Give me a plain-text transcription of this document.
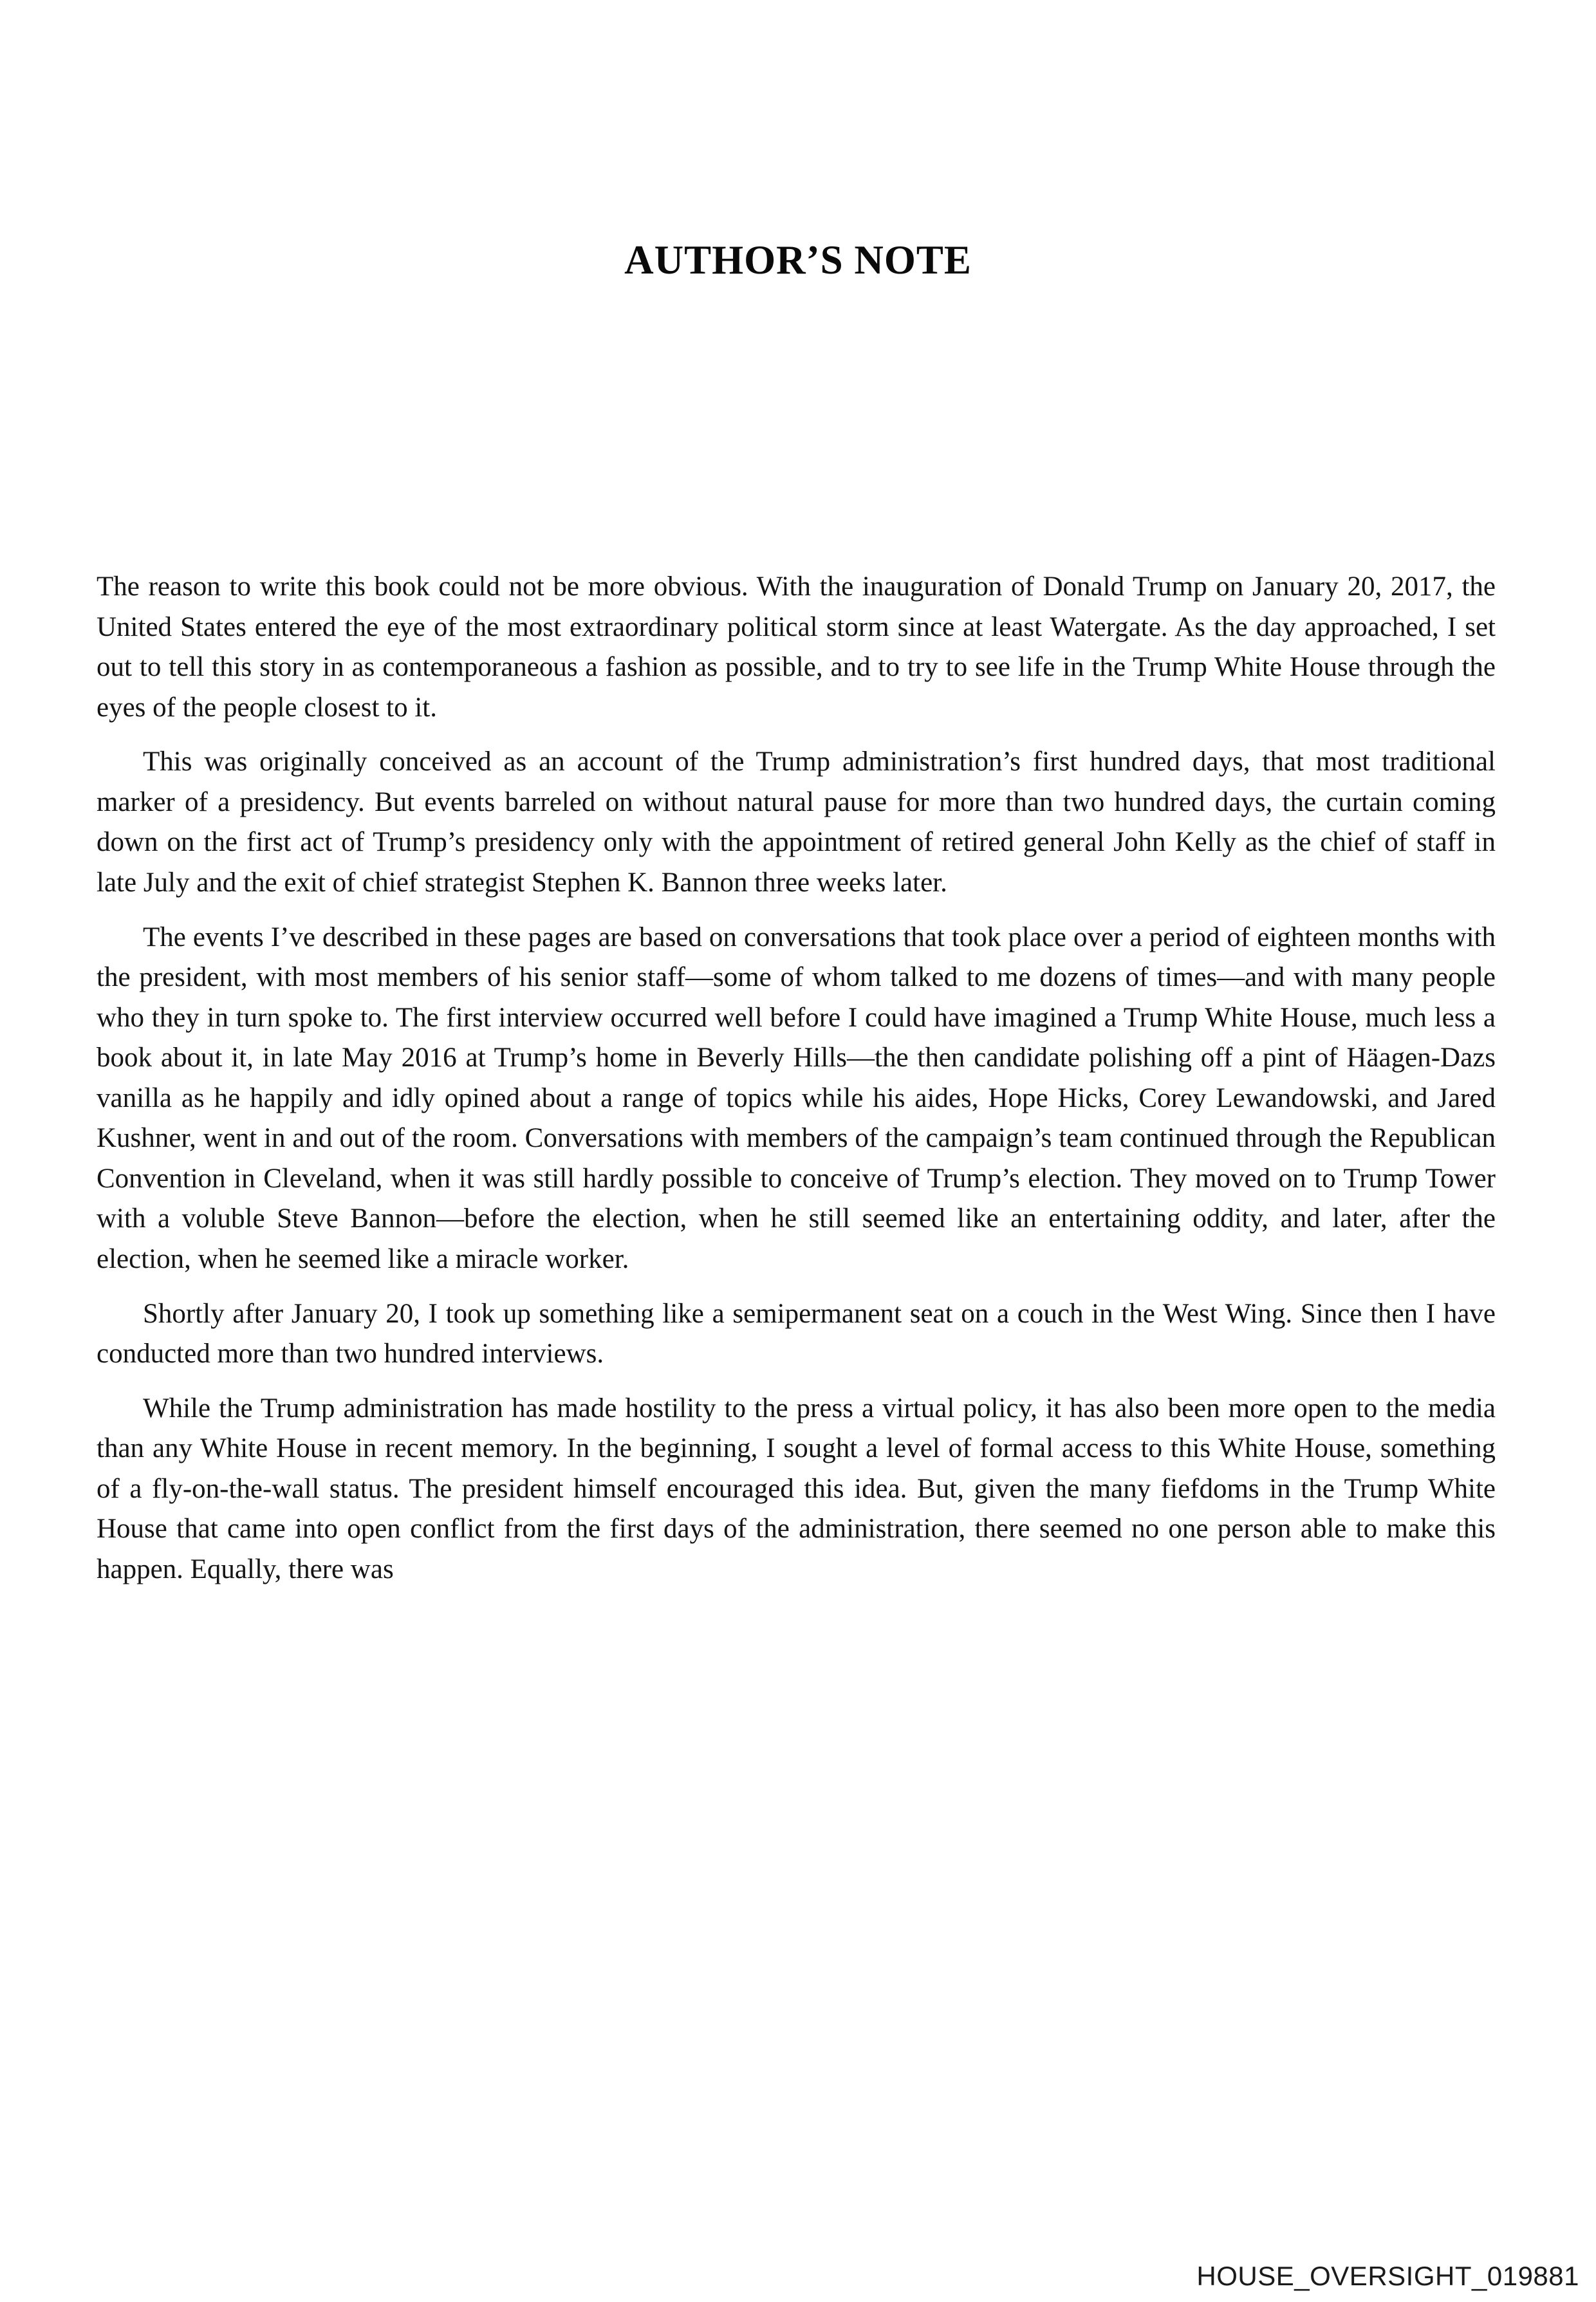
AUTHOR’S NOTE

The reason to write this book could not be more obvious. With the inauguration of Donald Trump on January 20, 2017, the United States entered the eye of the most extraordinary political storm since at least Watergate. As the day approached, I set out to tell this story in as contemporaneous a fashion as possible, and to try to see life in the Trump White House through the eyes of the people closest to it.

This was originally conceived as an account of the Trump administration’s first hundred days, that most traditional marker of a presidency. But events barreled on without natural pause for more than two hundred days, the curtain coming down on the first act of Trump’s presidency only with the appointment of retired general John Kelly as the chief of staff in late July and the exit of chief strategist Stephen K. Bannon three weeks later.

The events I’ve described in these pages are based on conversations that took place over a period of eighteen months with the president, with most members of his senior staff—some of whom talked to me dozens of times—and with many people who they in turn spoke to. The first interview occurred well before I could have imagined a Trump White House, much less a book about it, in late May 2016 at Trump’s home in Beverly Hills—the then candidate polishing off a pint of Häagen-Dazs vanilla as he happily and idly opined about a range of topics while his aides, Hope Hicks, Corey Lewandowski, and Jared Kushner, went in and out of the room. Conversations with members of the campaign’s team continued through the Republican Convention in Cleveland, when it was still hardly possible to conceive of Trump’s election. They moved on to Trump Tower with a voluble Steve Bannon—before the election, when he still seemed like an entertaining oddity, and later, after the election, when he seemed like a miracle worker.

Shortly after January 20, I took up something like a semipermanent seat on a couch in the West Wing. Since then I have conducted more than two hundred interviews.

While the Trump administration has made hostility to the press a virtual policy, it has also been more open to the media than any White House in recent memory. In the beginning, I sought a level of formal access to this White House, something of a fly-on-the-wall status. The president himself encouraged this idea. But, given the many fiefdoms in the Trump White House that came into open conflict from the first days of the administration, there seemed no one person able to make this happen. Equally, there was

HOUSE_OVERSIGHT_019881
